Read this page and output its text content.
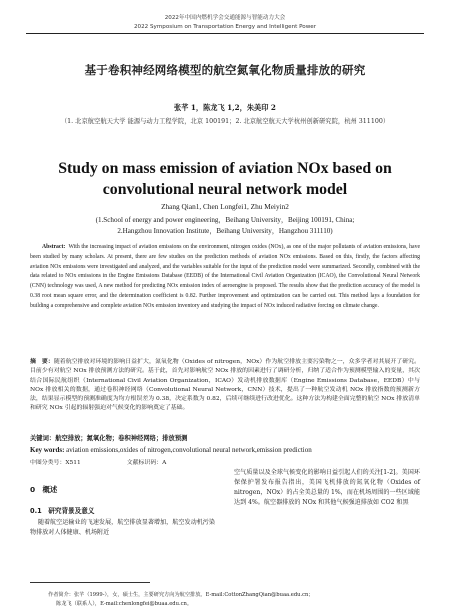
2022年中国内燃机学会交通能源与智能动力大会
2022 Symposium on Transportation Energy and Intelligent Power
基于卷积神经网络模型的航空氮氧化物质量排放的研究
张芊 1，陈龙飞 1,2，朱美印 2
（1. 北京航空航天大学 能源与动力工程学院，北京 100191；2. 北京航空航天大学杭州创新研究院，杭州 311100）
Study on mass emission of aviation NOx based on
convolutional neural network model
Zhang Qian1, Chen Longfei1, Zhu Meiyin2
(1.School of energy and power engineering，Beihang University，Beijing 100191, China;
2.Hangzhou Innovation Institute，Beihang University，Hangzhou 311110)
Abstract: With the increasing impact of aviation emissions on the environment, nitrogen oxides (NOx), as one of the major pollutants of aviation emissions, have been studied by many scholars. At present, there are few studies on the prediction methods of aviation NOx emissions. Based on this, firstly, the factors affecting aviation NOx emissions were investigated and analyzed, and the variables suitable for the input of the prediction model were summarized. Secondly, combined with the data related to NOx emissions in the Engine Emissions Database (EEDB) of the International Civil Aviation Organization (ICAO), the Convolutional Neural Network (CNN) technology was used, A new method for predicting NOx emission index of aeroengine is proposed. The results show that the prediction accuracy of the model is 0.38 root mean square error, and the determination coefficient is 0.82. Further improvement and optimization can be carried out. This method lays a foundation for building a comprehensive and complete aviation NOx emission inventory and studying the impact of NOx induced radiative forcing on climate change.
摘　要：随着航空排放对环境的影响日益扩大，氮氧化物（Oxides of nitrogen，NOx）作为航空排放主要污染物之一，众多学者对其展开了研究。目前少有对航空 NOx 排放预测方法的研究。基于此，首先对影响航空 NOx 排放的因素进行了调研分析，归纳了适合作为预测模型输入的变量，其次结合国际民航组织（International Civil Aviation Organization，ICAO）发动机排放数据库（Engine Emissions Database，EEDB）中与 NOx 排放相关的数据，通过卷积神经网络（Convolutional Neural Network，CNN）技术，提出了一种航空发动机 NOx 排放指数的预测新方法，结果显示模型的预测准确度为均方根误差为 0.38，决定系数为 0.82，后续可继续进行改进优化。这种方法为构建全面完整的航空 NOx 排放清单和研究 NOx 引起的辐射强迫对气候变化的影响奠定了基础。
关键词：航空排放；氮氧化物；卷积神经网络；排放预测
Key words: aviation emissions,oxides of nitrogen,convolutional neural network,emission prediction
中图分类号：X511	文献标识码：A
0　概述
0.1　研究背景及意义
随着航空运输业的飞速发展，航空排放显著增加，航空发动机污染物排放对人体健康、机场附近
空气质量以及全球气候变化的影响日益引起人们的关注[1-2]。美国环保保护署发布报告指出，美国飞机排放的氮氧化物（Oxides of nitrogen，NOx）的占全美总量的 1%，而在机场周围的一些区域能达到 4%。航空器排放的 NOx 和其他气候强迫排放如 CO2 和黑
作者简介：张芊（1999-），女，硕士生，主要研究方向为航空排放。E-mail:CottonZhangQian@buaa.edu.cn；
陈龙飞（联系人），E-mail:chenlongfei@buaa.edu.cn。
